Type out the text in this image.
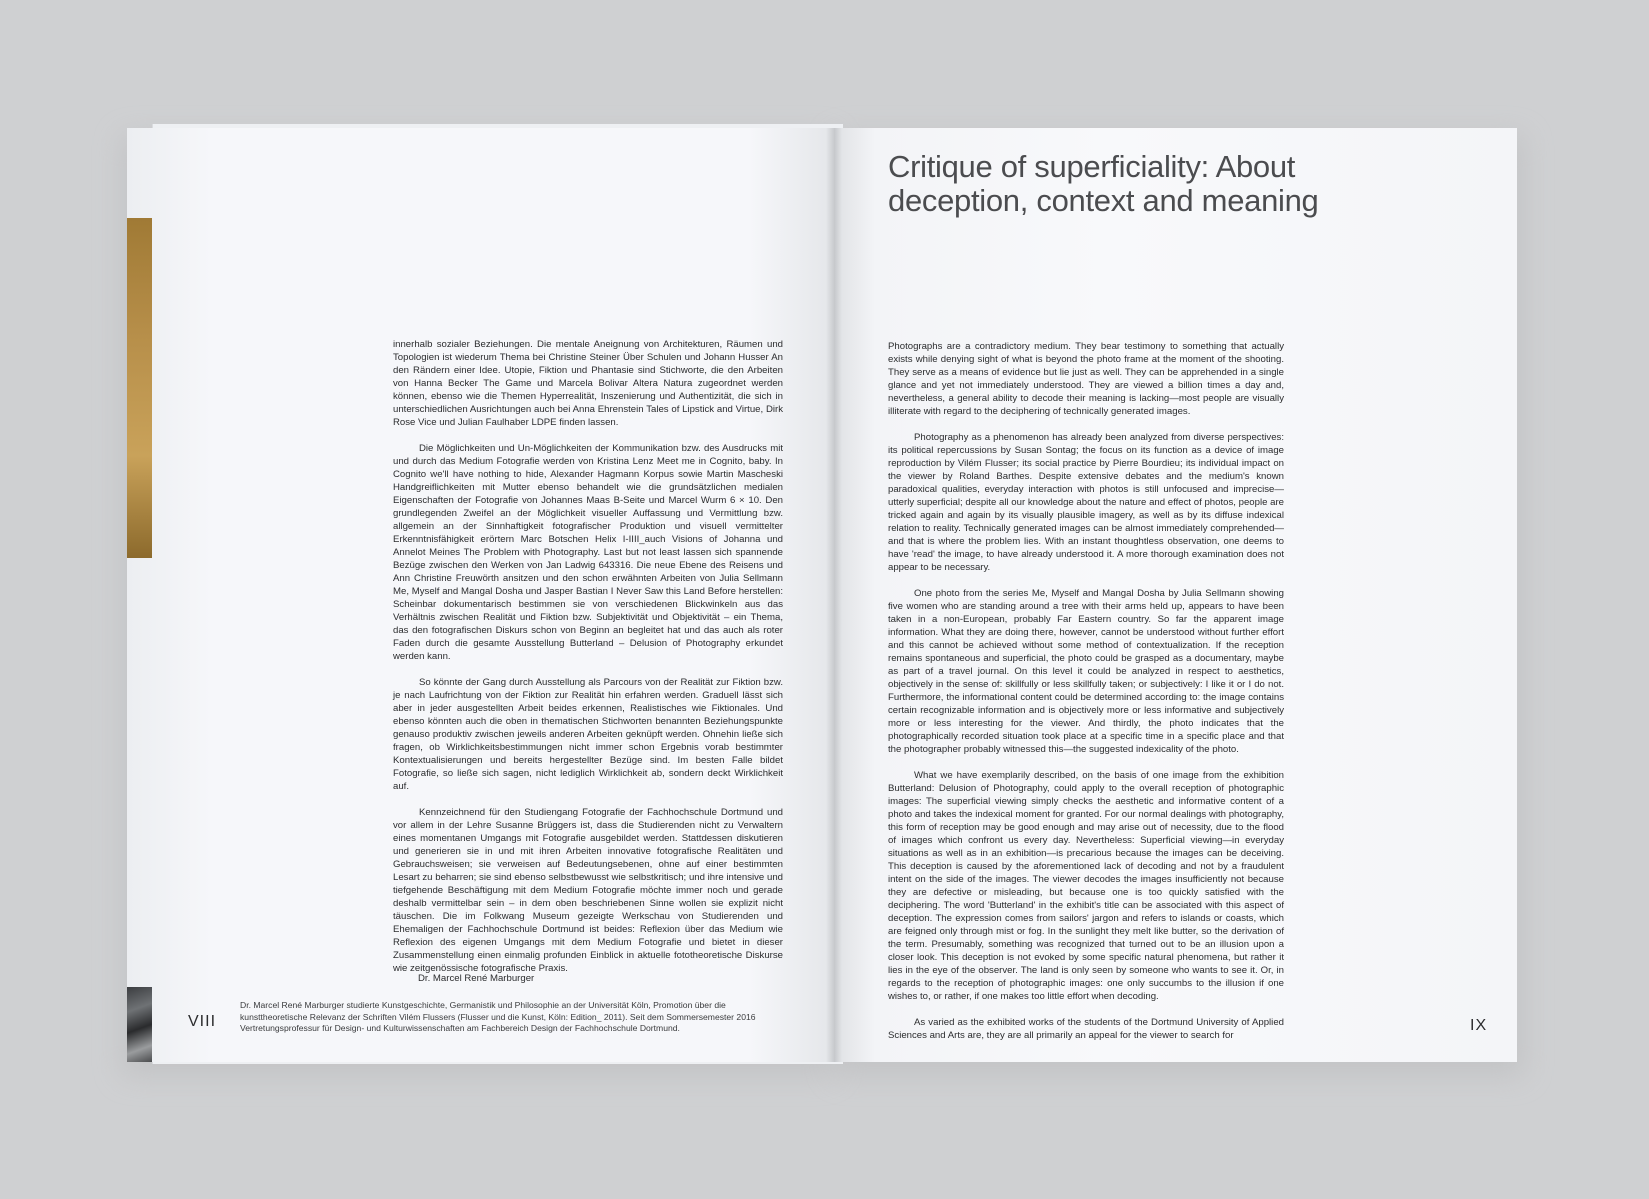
innerhalb sozialer Beziehungen. Die mentale Aneignung von Architekturen, Räumen und Topologien ist wiederum Thema bei Christine Steiner Über Schulen und Johann Husser An den Rändern einer Idee. Utopie, Fiktion und Phantasie sind Stichworte, die den Arbeiten von Hanna Becker The Game und Marcela Bolivar Altera Natura zugeordnet werden können, ebenso wie die Themen Hyperrealität, Inszenierung und Authentizität, die sich in unterschiedlichen Ausrichtungen auch bei Anna Ehrenstein Tales of Lipstick and Virtue, Dirk Rose Vice und Julian Faulhaber LDPE finden lassen.

Die Möglichkeiten und Un-Möglichkeiten der Kommunikation bzw. des Ausdrucks mit und durch das Medium Fotografie werden von Kristina Lenz Meet me in Cognito, baby. In Cognito we'll have nothing to hide, Alexander Hagmann Korpus sowie Martin Mascheski Handgreiflichkeiten mit Mutter ebenso behandelt wie die grundsätzlichen medialen Eigenschaften der Fotografie von Johannes Maas B-Seite und Marcel Wurm 6 × 10. Den grundlegenden Zweifel an der Möglichkeit visueller Auffassung und Vermittlung bzw. allgemein an der Sinnhaftigkeit fotografischer Produktion und visuell vermittelter Erkenntnisfähigkeit erörtern Marc Botschen Helix I-IIII_auch Visions of Johanna und Annelot Meines The Problem with Photography. Last but not least lassen sich spannende Bezüge zwischen den Werken von Jan Ladwig 643316. Die neue Ebene des Reisens und Ann Christine Freuwörth ansitzen und den schon erwähnten Arbeiten von Julia Sellmann Me, Myself and Mangal Dosha und Jasper Bastian I Never Saw this Land Before herstellen: Scheinbar dokumentarisch bestimmen sie von verschiedenen Blickwinkeln aus das Verhältnis zwischen Realität und Fiktion bzw. Subjektivität und Objektivität – ein Thema, das den fotografischen Diskurs schon von Beginn an begleitet hat und das auch als roter Faden durch die gesamte Ausstellung Butterland – Delusion of Photography erkundet werden kann.

So könnte der Gang durch Ausstellung als Parcours von der Realität zur Fiktion bzw. je nach Laufrichtung von der Fiktion zur Realität hin erfahren werden. Graduell lässt sich aber in jeder ausgestellten Arbeit beides erkennen, Realistisches wie Fiktionales. Und ebenso könnten auch die oben in thematischen Stichworten benannten Beziehungspunkte genauso produktiv zwischen jeweils anderen Arbeiten geknüpft werden. Ohnehin ließe sich fragen, ob Wirklichkeitsbestimmungen nicht immer schon Ergebnis vorab bestimmter Kontextualisierungen und bereits hergestellter Bezüge sind. Im besten Falle bildet Fotografie, so ließe sich sagen, nicht lediglich Wirklichkeit ab, sondern deckt Wirklichkeit auf.

Kennzeichnend für den Studiengang Fotografie der Fachhochschule Dortmund und vor allem in der Lehre Susanne Brüggers ist, dass die Studierenden nicht zu Verwaltern eines momentanen Umgangs mit Fotografie ausgebildet werden. Stattdessen diskutieren und generieren sie in und mit ihren Arbeiten innovative fotografische Realitäten und Gebrauchsweisen; sie verweisen auf Bedeutungsebenen, ohne auf einer bestimmten Lesart zu beharren; sie sind ebenso selbstbewusst wie selbstkritisch; und ihre intensive und tiefgehende Beschäftigung mit dem Medium Fotografie möchte immer noch und gerade deshalb vermittelbar sein – in dem oben beschriebenen Sinne wollen sie explizit nicht täuschen. Die im Folkwang Museum gezeigte Werkschau von Studierenden und Ehemaligen der Fachhochschule Dortmund ist beides: Reflexion über das Medium wie Reflexion des eigenen Umgangs mit dem Medium Fotografie und bietet in dieser Zusammenstellung einen einmalig profunden Einblick in aktuelle fototheoretische Diskurse wie zeitgenössische fotografische Praxis.

Dr. Marcel René Marburger
VIII
Dr. Marcel René Marburger studierte Kunstgeschichte, Germanistik und Philosophie an der Universität Köln, Promotion über die kunsttheoretische Relevanz der Schriften Vilém Flussers (Flusser und die Kunst, Köln: Edition_ 2011). Seit dem Sommersemester 2016 Vertretungsprofessur für Design- und Kulturwissenschaften am Fachbereich Design der Fachhochschule Dortmund.
Critique of superficiality: About deception, context and meaning

Photographs are a contradictory medium. They bear testimony to something that actually exists while denying sight of what is beyond the photo frame at the moment of the shooting. They serve as a means of evidence but lie just as well. They can be apprehended in a single glance and yet not immediately understood. They are viewed a billion times a day and, nevertheless, a general ability to decode their meaning is lacking—most people are visually illiterate with regard to the deciphering of technically generated images.

Photography as a phenomenon has already been analyzed from diverse perspectives: its political repercussions by Susan Sontag; the focus on its function as a device of image reproduction by Vilém Flusser; its social practice by Pierre Bourdieu; its individual impact on the viewer by Roland Barthes. Despite extensive debates and the medium's known paradoxical qualities, everyday interaction with photos is still unfocused and imprecise—utterly superficial; despite all our knowledge about the nature and effect of photos, people are tricked again and again by its visually plausible imagery, as well as by its diffuse indexical relation to reality. Technically generated images can be almost immediately comprehended—and that is where the problem lies. With an instant thoughtless observation, one deems to have 'read' the image, to have already understood it. A more thorough examination does not appear to be necessary.

One photo from the series Me, Myself and Mangal Dosha by Julia Sellmann showing five women who are standing around a tree with their arms held up, appears to have been taken in a non-European, probably Far Eastern country. So far the apparent image information. What they are doing there, however, cannot be understood without further effort and this cannot be achieved without some method of contextualization. If the reception remains spontaneous and superficial, the photo could be grasped as a documentary, maybe as part of a travel journal. On this level it could be analyzed in respect to aesthetics, objectively in the sense of: skillfully or less skillfully taken; or subjectively: I like it or I do not. Furthermore, the informational content could be determined according to: the image contains certain recognizable information and is objectively more or less informative and subjectively more or less interesting for the viewer. And thirdly, the photo indicates that the photographically recorded situation took place at a specific time in a specific place and that the photographer probably witnessed this—the suggested indexicality of the photo.

What we have exemplarily described, on the basis of one image from the exhibition Butterland: Delusion of Photography, could apply to the overall reception of photographic images: The superficial viewing simply checks the aesthetic and informative content of a photo and takes the indexical moment for granted. For our normal dealings with photography, this form of reception may be good enough and may arise out of necessity, due to the flood of images which confront us every day. Nevertheless: Superficial viewing—in everyday situations as well as in an exhibition—is precarious because the images can be deceiving. This deception is caused by the aforementioned lack of decoding and not by a fraudulent intent on the side of the images. The viewer decodes the images insufficiently not because they are defective or misleading, but because one is too quickly satisfied with the deciphering. The word 'Butterland' in the exhibit's title can be associated with this aspect of deception. The expression comes from sailors' jargon and refers to islands or coasts, which are feigned only through mist or fog. In the sunlight they melt like butter, so the derivation of the term. Presumably, something was recognized that turned out to be an illusion upon a closer look. This deception is not evoked by some specific natural phenomena, but rather it lies in the eye of the observer. The land is only seen by someone who wants to see it. Or, in regards to the reception of photographic images: one only succumbs to the illusion if one wishes to, or rather, if one makes too little effort when decoding.

As varied as the exhibited works of the students of the Dortmund University of Applied Sciences and Arts are, they are all primarily an appeal for the viewer to search for

IX
